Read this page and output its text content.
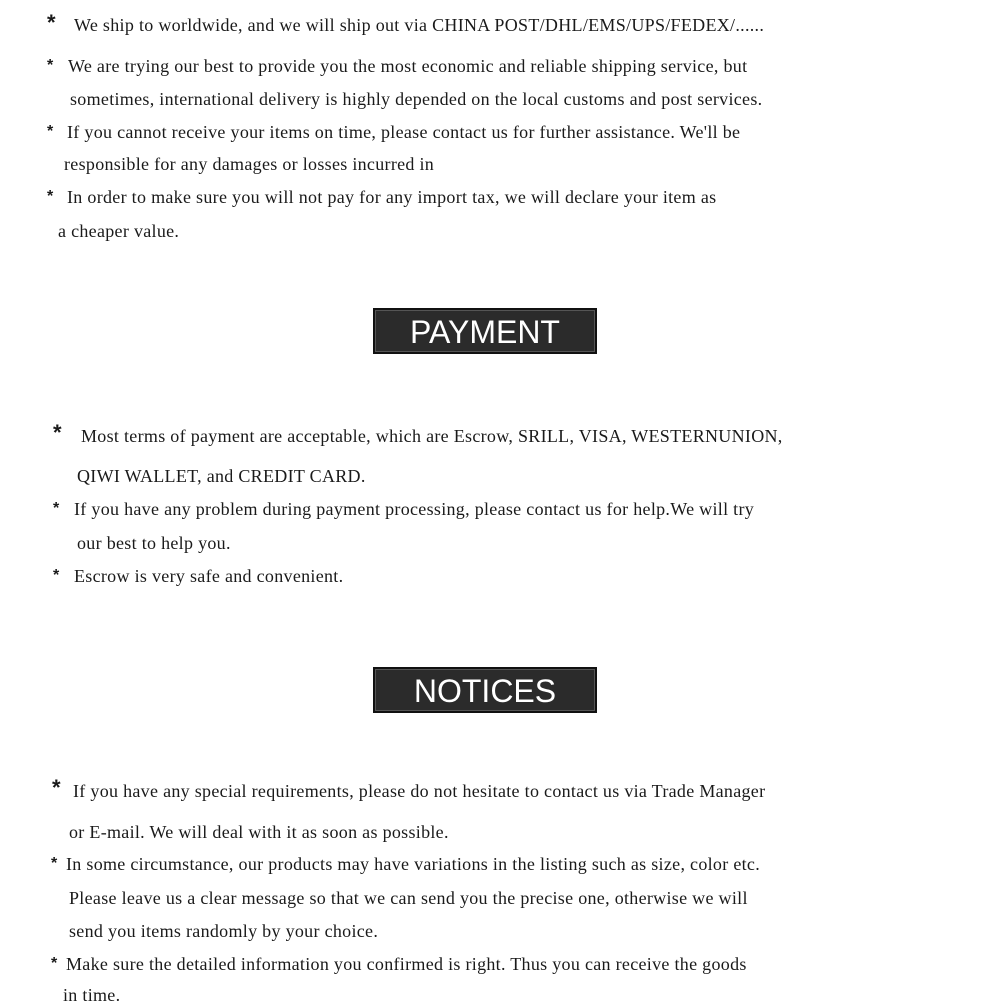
* We ship to worldwide, and we will ship out via CHINA POST/DHL/EMS/UPS/FEDEX/......

* We are trying our best to provide you the most economic and reliable shipping service, but

sometimes, international delivery is highly depended on the local customs and post services.

* If you cannot receive your items on time, please contact us for further assistance. We'll be

responsible for any damages or losses incurred in

* In order to make sure you will not pay for any import tax, we will declare your item as

a cheaper value.

PAYMENT
* Most terms of payment are acceptable, which are Escrow, SRILL, VISA, WESTERNUNION,

QIWI WALLET, and CREDIT CARD.

* If you have any problem during payment processing, please contact us for help.We will try

our best to help you.

* Escrow is very safe and convenient.

NOTICES
* If you have any special requirements, please do not hesitate to contact us via Trade Manager

or E-mail. We will deal with it as soon as possible.

* In some circumstance, our products may have variations in the listing such as size, color etc.

Please leave us a clear message so that we can send you the precise one, otherwise we will

send you items randomly by your choice.

* Make sure the detailed information you confirmed is right. Thus you can receive the goods

in time.
